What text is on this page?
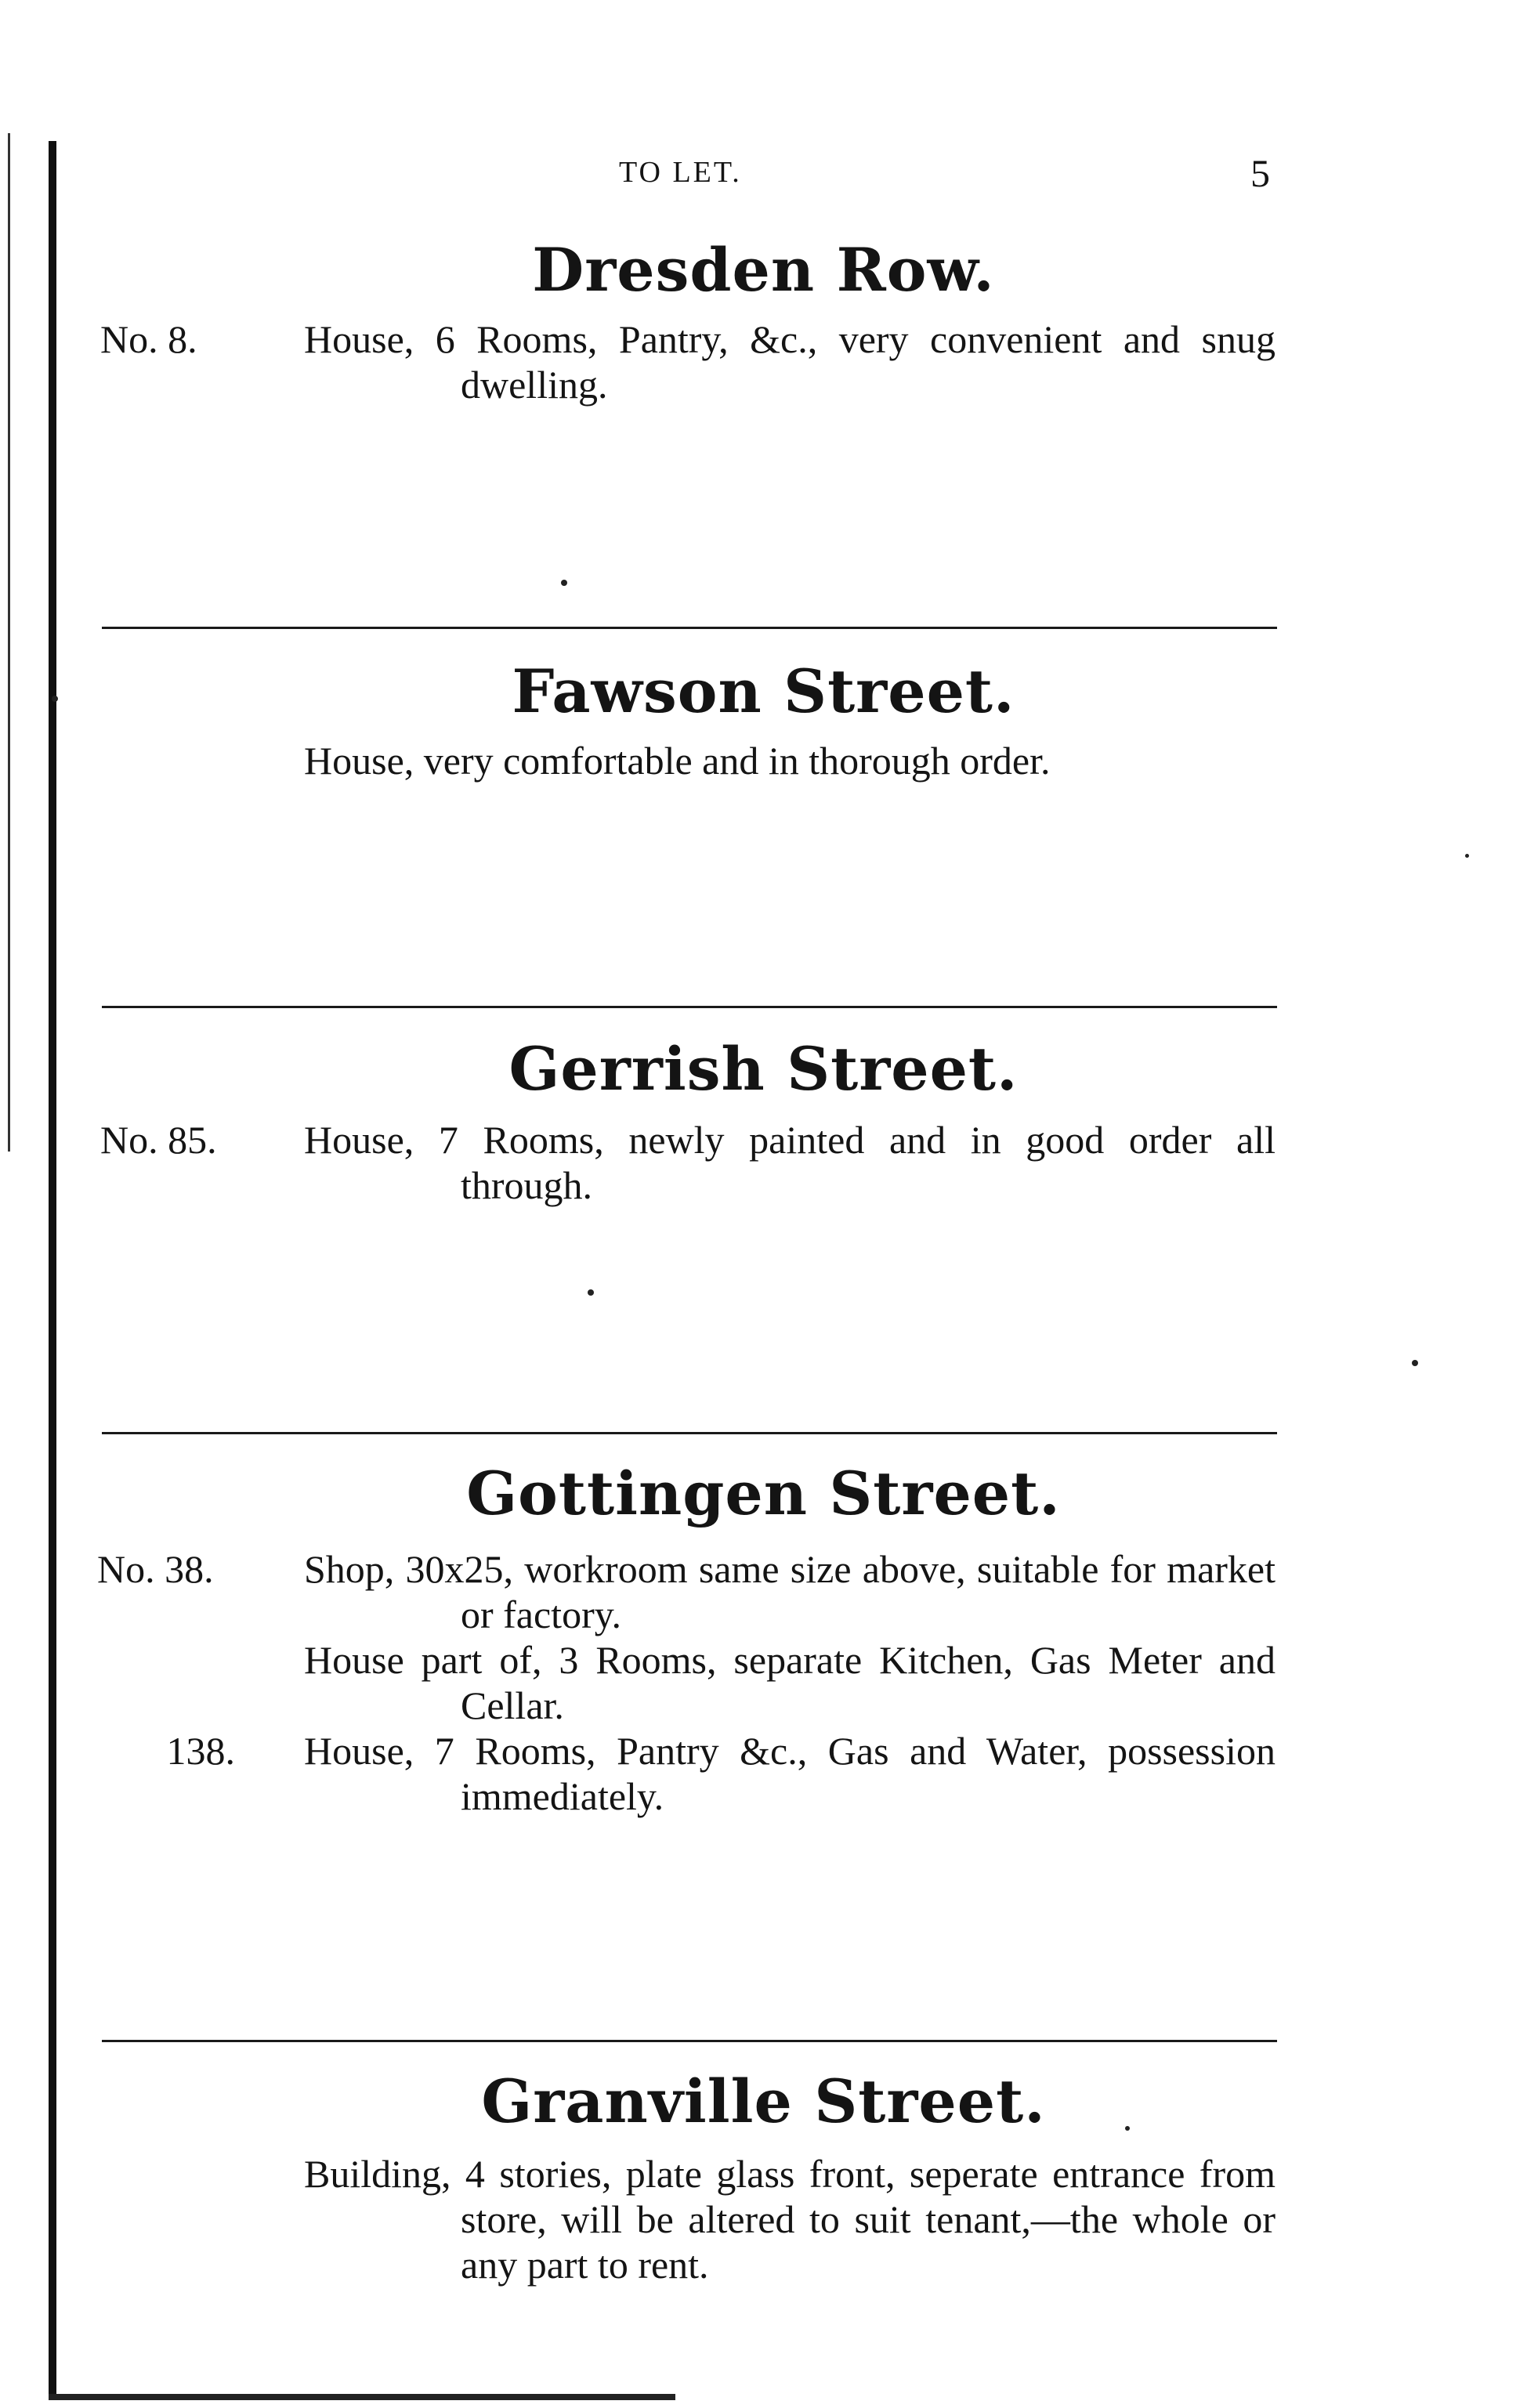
TO LET.	5
Dresden Row.
No. 8.	House, 6 Rooms, Pantry, &c., very convenient and snug dwelling.
Fawson Street.
House, very comfortable and in thorough order.
Gerrish Street.
No. 85.	House, 7 Rooms, newly painted and in good order all through.
Gottingen Street.
No. 38.	Shop, 30x25, workroom same size above, suitable for market or factory.
House part of, 3 Rooms, separate Kitchen, Gas Meter and Cellar.
138. House, 7 Rooms, Pantry &c., Gas and Water, possession immediately.
Granville Street.
Building, 4 stories, plate glass front, seperate entrance from store, will be altered to suit tenant,—the whole or any part to rent.
